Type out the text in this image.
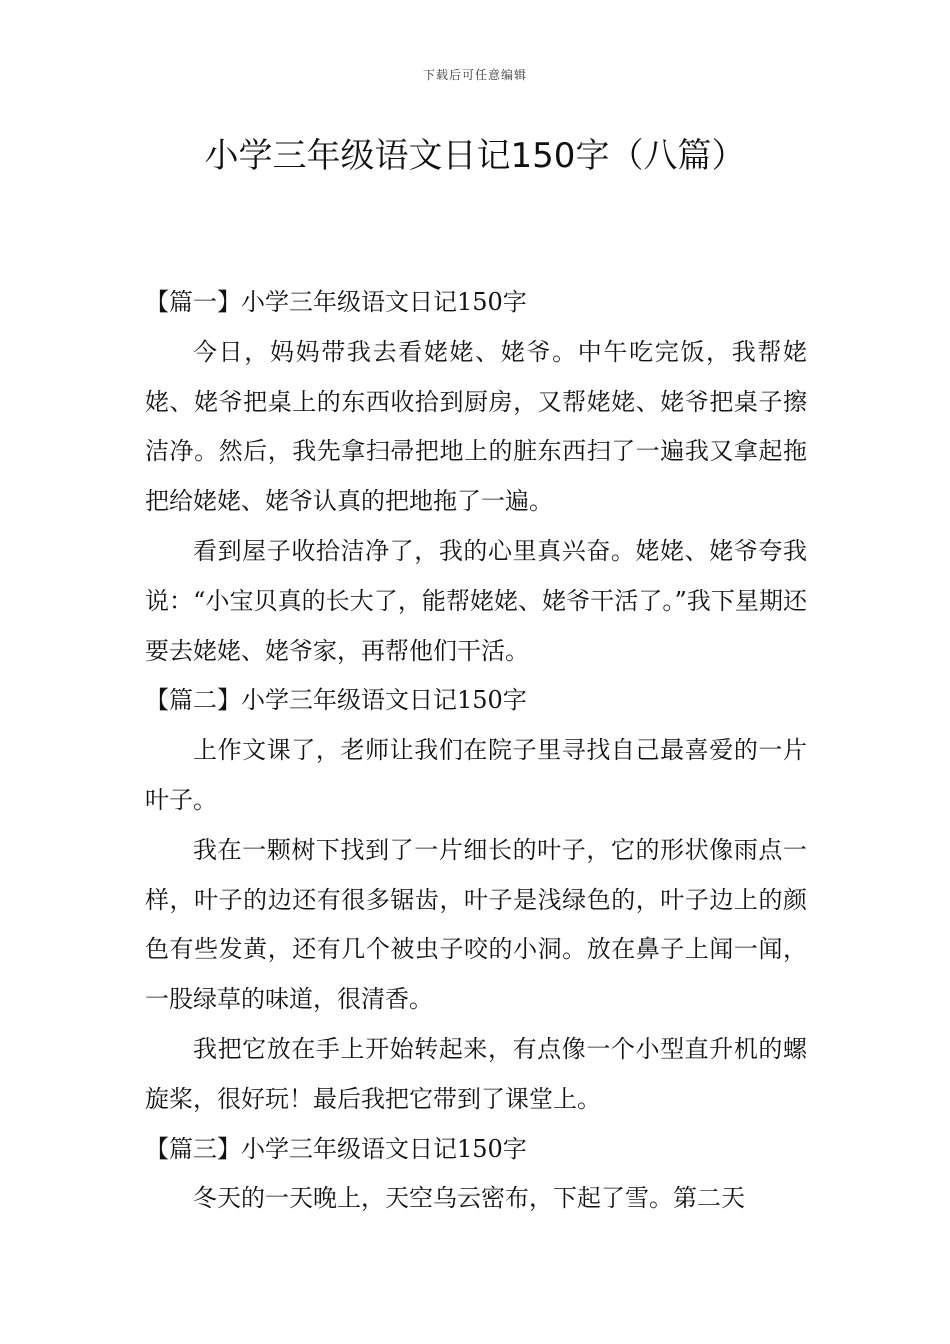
下载后可任意编辑
小学三年级语文日记150字（八篇）

【篇一】小学三年级语文日记150字

今日，妈妈带我去看姥姥、姥爷。中午吃完饭，我帮姥姥、姥爷把桌上的东西收拾到厨房，又帮姥姥、姥爷把桌子擦洁净。然后，我先拿扫帚把地上的脏东西扫了一遍我又拿起拖把给姥姥、姥爷认真的把地拖了一遍。

看到屋子收拾洁净了，我的心里真兴奋。姥姥、姥爷夸我说：“小宝贝真的长大了，能帮姥姥、姥爷干活了。”我下星期还要去姥姥、姥爷家，再帮他们干活。

【篇二】小学三年级语文日记150字

上作文课了，老师让我们在院子里寻找自己最喜爱的一片叶子。

我在一颗树下找到了一片细长的叶子，它的形状像雨点一样，叶子的边还有很多锯齿，叶子是浅绿色的，叶子边上的颜色有些发黄，还有几个被虫子咬的小洞。放在鼻子上闻一闻，一股绿草的味道，很清香。

我把它放在手上开始转起来，有点像一个小型直升机的螺旋桨，很好玩！最后我把它带到了课堂上。

【篇三】小学三年级语文日记150字

冬天的一天晚上，天空乌云密布，下起了雪。第二天
